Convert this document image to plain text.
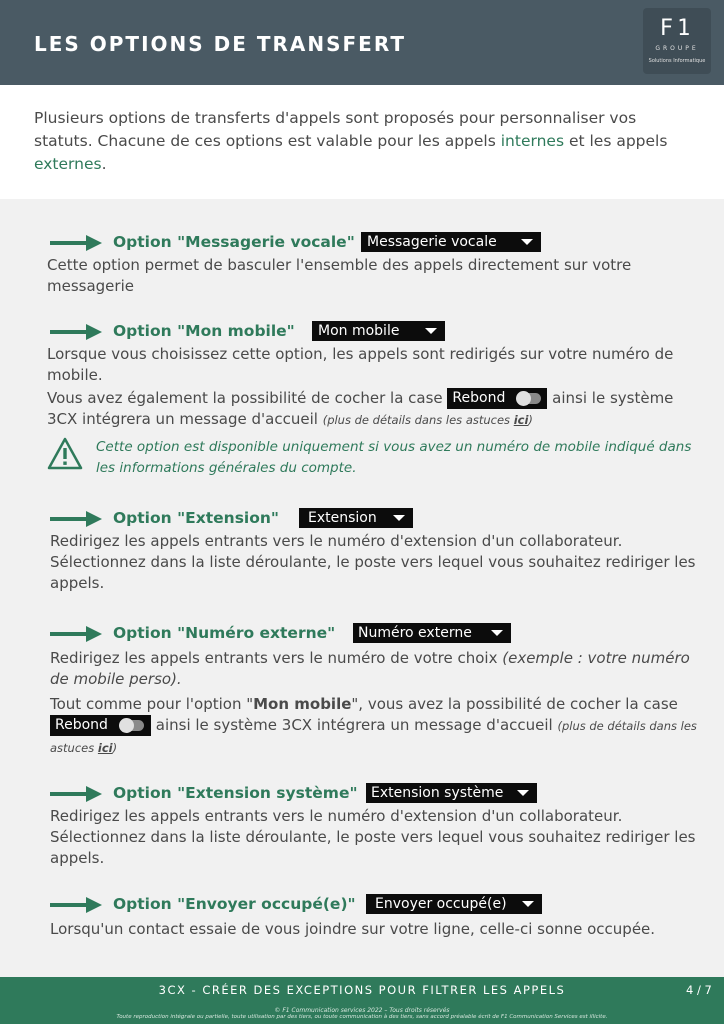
LES OPTIONS DE TRANSFERT
F1
GROUPE
Solutions Informatique

Plusieurs options de transferts d'appels sont proposés pour personnaliser vos statuts. Chacune de ces options est valable pour les appels internes et les appels externes.

Option "Messagerie vocale" Messagerie vocale
Cette option permet de basculer l'ensemble des appels directement sur votre messagerie
Option "Mon mobile"	Mon mobile
Lorsque vous choisissez cette option, les appels sont redirigés sur votre numéro de mobile.
Vous avez également la possibilité de cocher la case Rebond	ainsi le système 3CX intégrera un message d'accueil (plus de détails dans les astuces ici)
Cette option est disponible uniquement si vous avez un numéro de mobile indiqué dans les informations générales du compte.
Option "Extension"	Extension
Redirigez les appels entrants vers le numéro d'extension d'un collaborateur. Sélectionnez dans la liste déroulante, le poste vers lequel vous souhaitez rediriger les appels.
Option "Numéro externe"	Numéro externe
Redirigez les appels entrants vers le numéro de votre choix (exemple : votre numéro de mobile perso).
Tout comme pour l'option "Mon mobile", vous avez la possibilité de cocher la case Rebond	ainsi le système 3CX intégrera un message d'accueil (plus de détails dans les astuces ici)
Option "Extension système" Extension système
Redirigez les appels entrants vers le numéro d'extension d'un collaborateur. Sélectionnez dans la liste déroulante, le poste vers lequel vous souhaitez rediriger les appels.
Option "Envoyer occupé(e)"	Envoyer occupé(e)
Lorsqu'un contact essaie de vous joindre sur votre ligne, celle-ci sonne occupée.
3CX - CRÉER DES EXCEPTIONS POUR FILTRER LES APPELS	4 / 7
© F1 Communication services 2022 – Tous droits réservés
Toute reproduction intégrale ou partielle, toute utilisation par des tiers, ou toute communication à des tiers, sans accord préalable écrit de F1 Communication Services est illicite.
